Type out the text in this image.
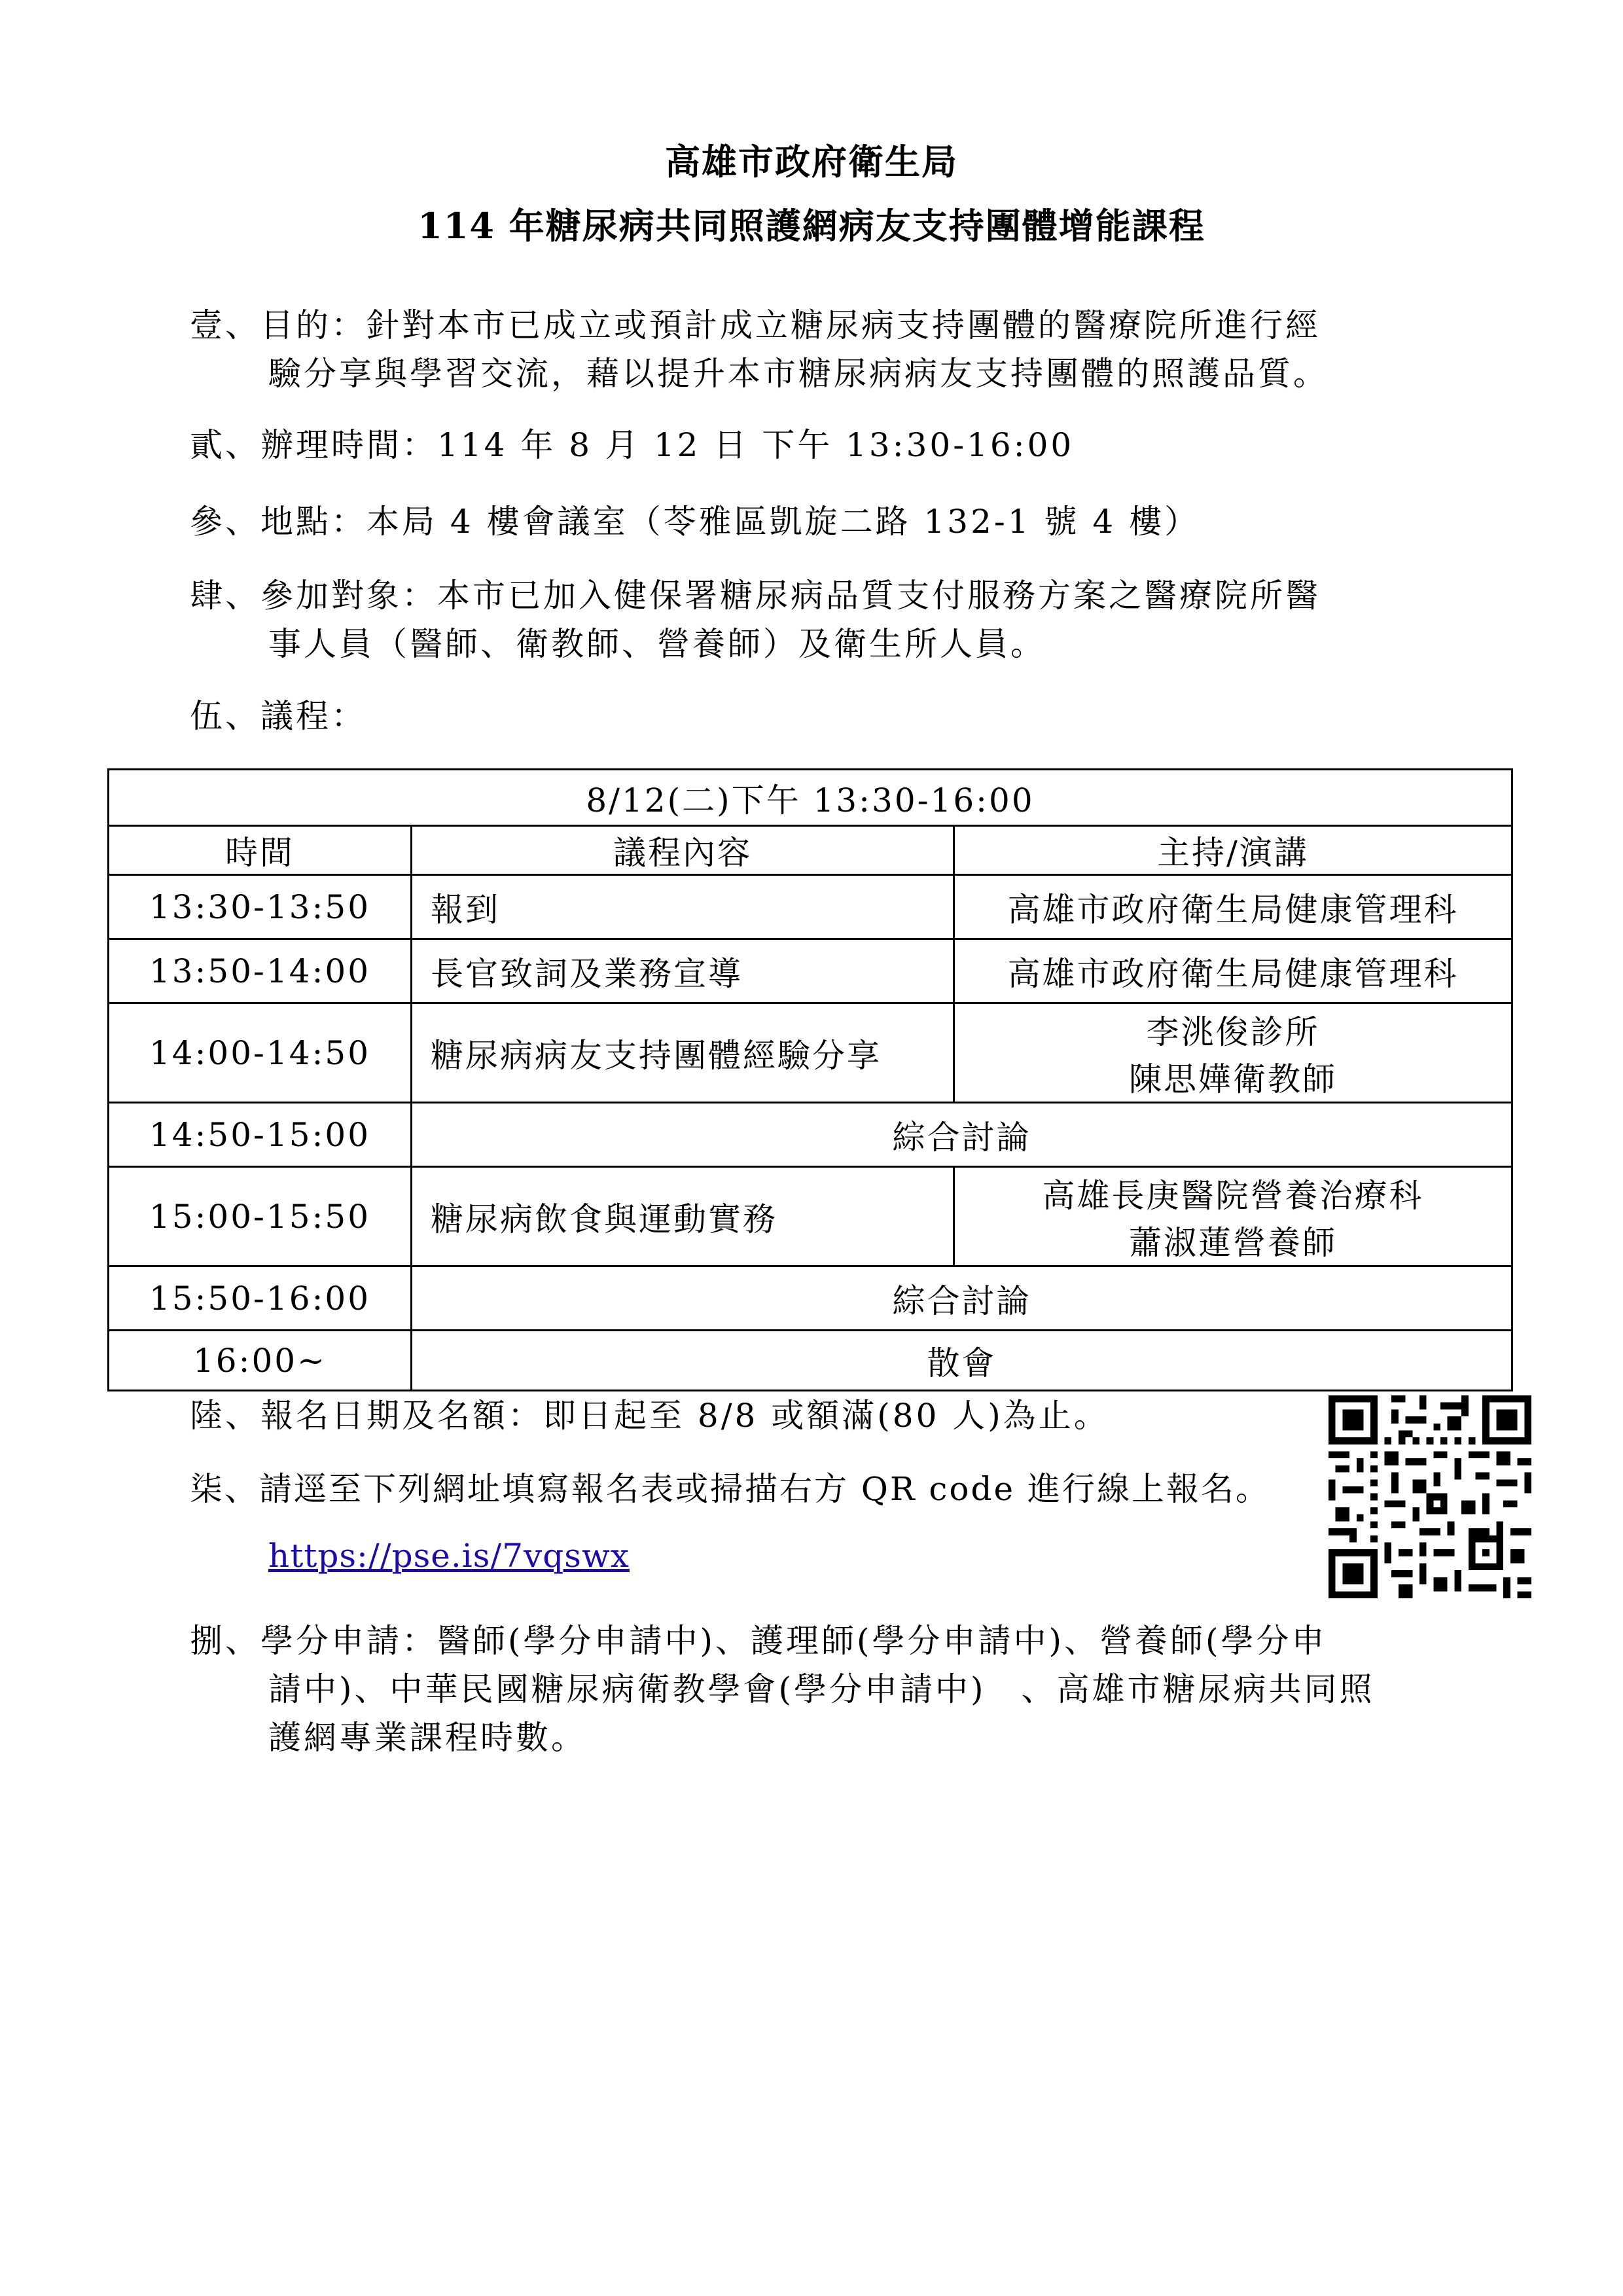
高雄市政府衛生局
114 年糖尿病共同照護網病友支持團體增能課程
壹、目的：針對本市已成立或預計成立糖尿病支持團體的醫療院所進行經
驗分享與學習交流，藉以提升本市糖尿病病友支持團體的照護品質。
貳、辦理時間：114 年 8 月 12 日 下午 13:30-16:00
參、地點：本局 4 樓會議室（苓雅區凱旋二路 132-1 號 4 樓）
肆、參加對象：本市已加入健保署糖尿病品質支付服務方案之醫療院所醫
事人員（醫師、衛教師、營養師）及衛生所人員。
伍、議程：
8/12(二)下午 13:30-16:00		
時間	議程內容	主持/演講
13:30-13:50	報到	高雄市政府衛生局健康管理科
13:50-14:00	長官致詞及業務宣導	高雄市政府衛生局健康管理科
14:00-14:50	糖尿病病友支持團體經驗分享	李洮俊診所
陳思嬅衛教師

14:50-15:00	綜合討論	
15:00-15:50	糖尿病飲食與運動實務	高雄長庚醫院營養治療科
蕭淑蓮營養師

15:50-16:00	綜合討論	
16:00~	散會	
陸、報名日期及名額：即日起至 8/8 或額滿(80 人)為止。
柒、請逕至下列網址填寫報名表或掃描右方 QR code 進行線上報名。
https://pse.is/7vqswx
捌、學分申請：醫師(學分申請中)、護理師(學分申請中)、營養師(學分申
請中)、中華民國糖尿病衛教學會(學分申請中)　、高雄市糖尿病共同照
護網專業課程時數。
